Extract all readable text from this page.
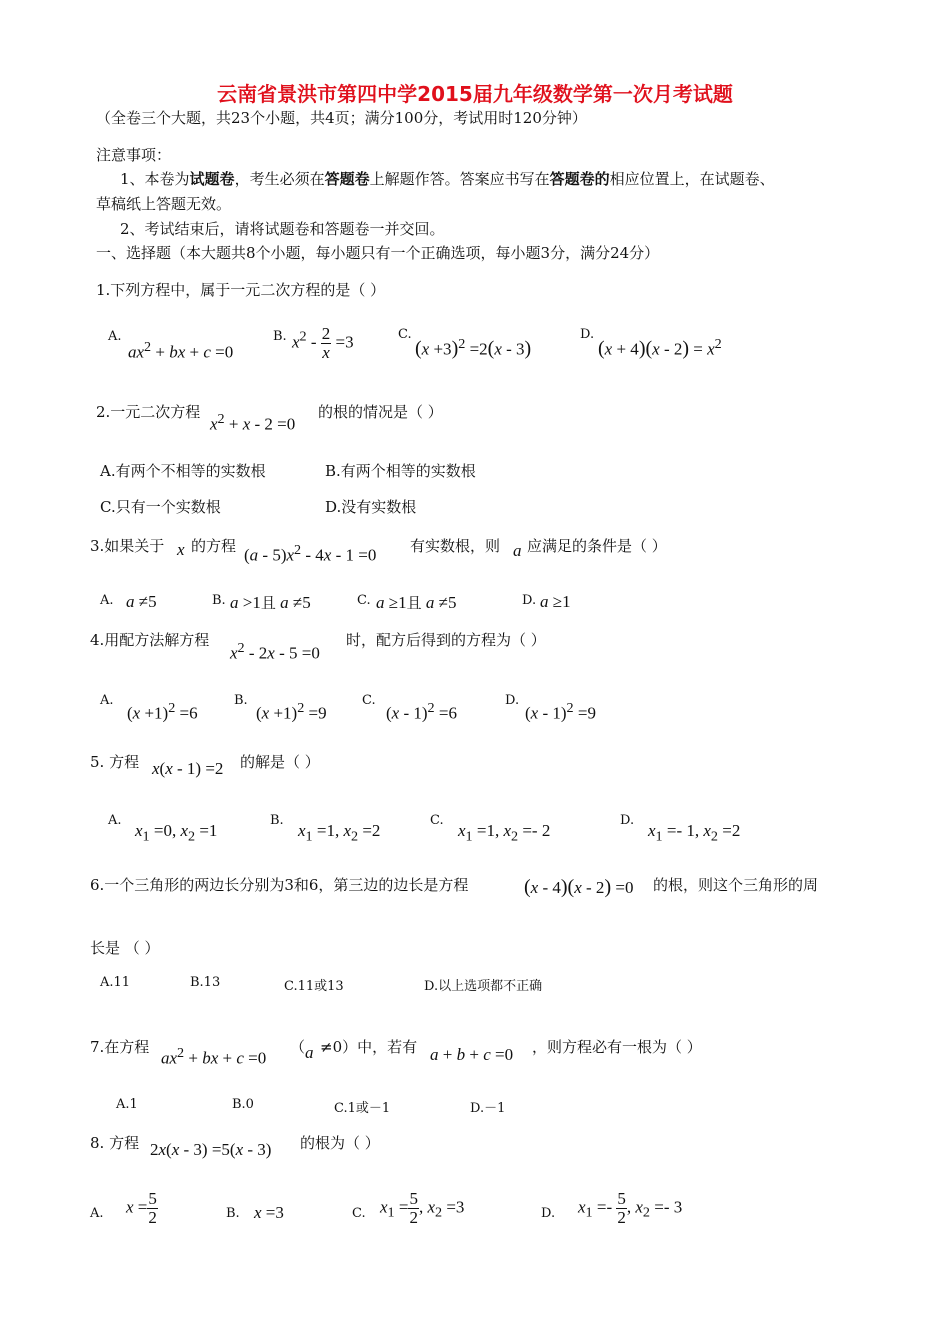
云南省景洪市第四中学2015届九年级数学第一次月考试题
（全卷三个大题，共23个小题，共4页；满分100分，考试用时120分钟）
注意事项：
1、本卷为试题卷，考生必须在答题卷上解题作答。答案应书写在答题卷的相应位置上，在试题卷、
草稿纸上答题无效。
2、考试结束后，请将试题卷和答题卷一并交回。
一、选择题（本大题共8个小题，每小题只有一个正确选项，每小题3分，满分24分）
1.下列方程中，属于一元二次方程的是（ ）
A.
$ax^2$ + bx + c =0
B. $x^2 - \frac{2}{x} =3$	C.
$(x +3)^2 =2(x - 3)$
D.
$(x + 4)(x - 2) = x^2$
2.一元二次方程
$x^2 + x - 2 =0$
的根的情况是（ ）
A.有两个不相等的实数根	B.有两个相等的实数根
C.只有一个实数根	D.没有实数根
3.如果关于 x 的方程 $(a - 5)x^2 - 4x - 1 =0$ 有实数根，则 a 应满足的条件是（ ）
A. a ≠5	B. a >1且 a ≠5	C. a ≥1且 a ≠5	D. a ≥1
4.用配方法解方程
$x^2 - 2x - 5 =0$
时，配方后得到的方程为（ ）
A.
$(x +1)^2 =6$
B.
$(x +1)^2 =9$
C.
(x - 1)$^2$ =6
D.
(x - 1)$^2$ =9
5. 方程 x(x - 1) =2 的解是（ ）
A.
$x_1 =0$, $x_2 =1$
B.
$x_1 =1$, $x_2 =2$
C.
$x_1 =1$, $x_2 =- 2$
D.
$x_1 =- 1$, $x_2 =2$
6.一个三角形的两边长分别为3和6，第三边的边长是方程	(x - 4)(x - 2) =0 的根，则这个三角形的周
长是 （ ）
A.11	B.13	C.11或13	D.以上选项都不正确
7.在方程
$ax^2$ + bx + c =0
（ a ≠0）中，若有 a + b + c =0 ，则方程必有一根为（ ）
A.1	B.0	C.1或－1	D.－1
8. 方程 2x(x - 3) =5(x - 3) 的根为（ ）
A. $x = \frac{5}{2}$	B. x =3	C. $x_1 = \frac{5}{2}$ , $x_2 =3$	D. $x_1 =- \frac{5}{2}$ , $x_2 =- 3$
